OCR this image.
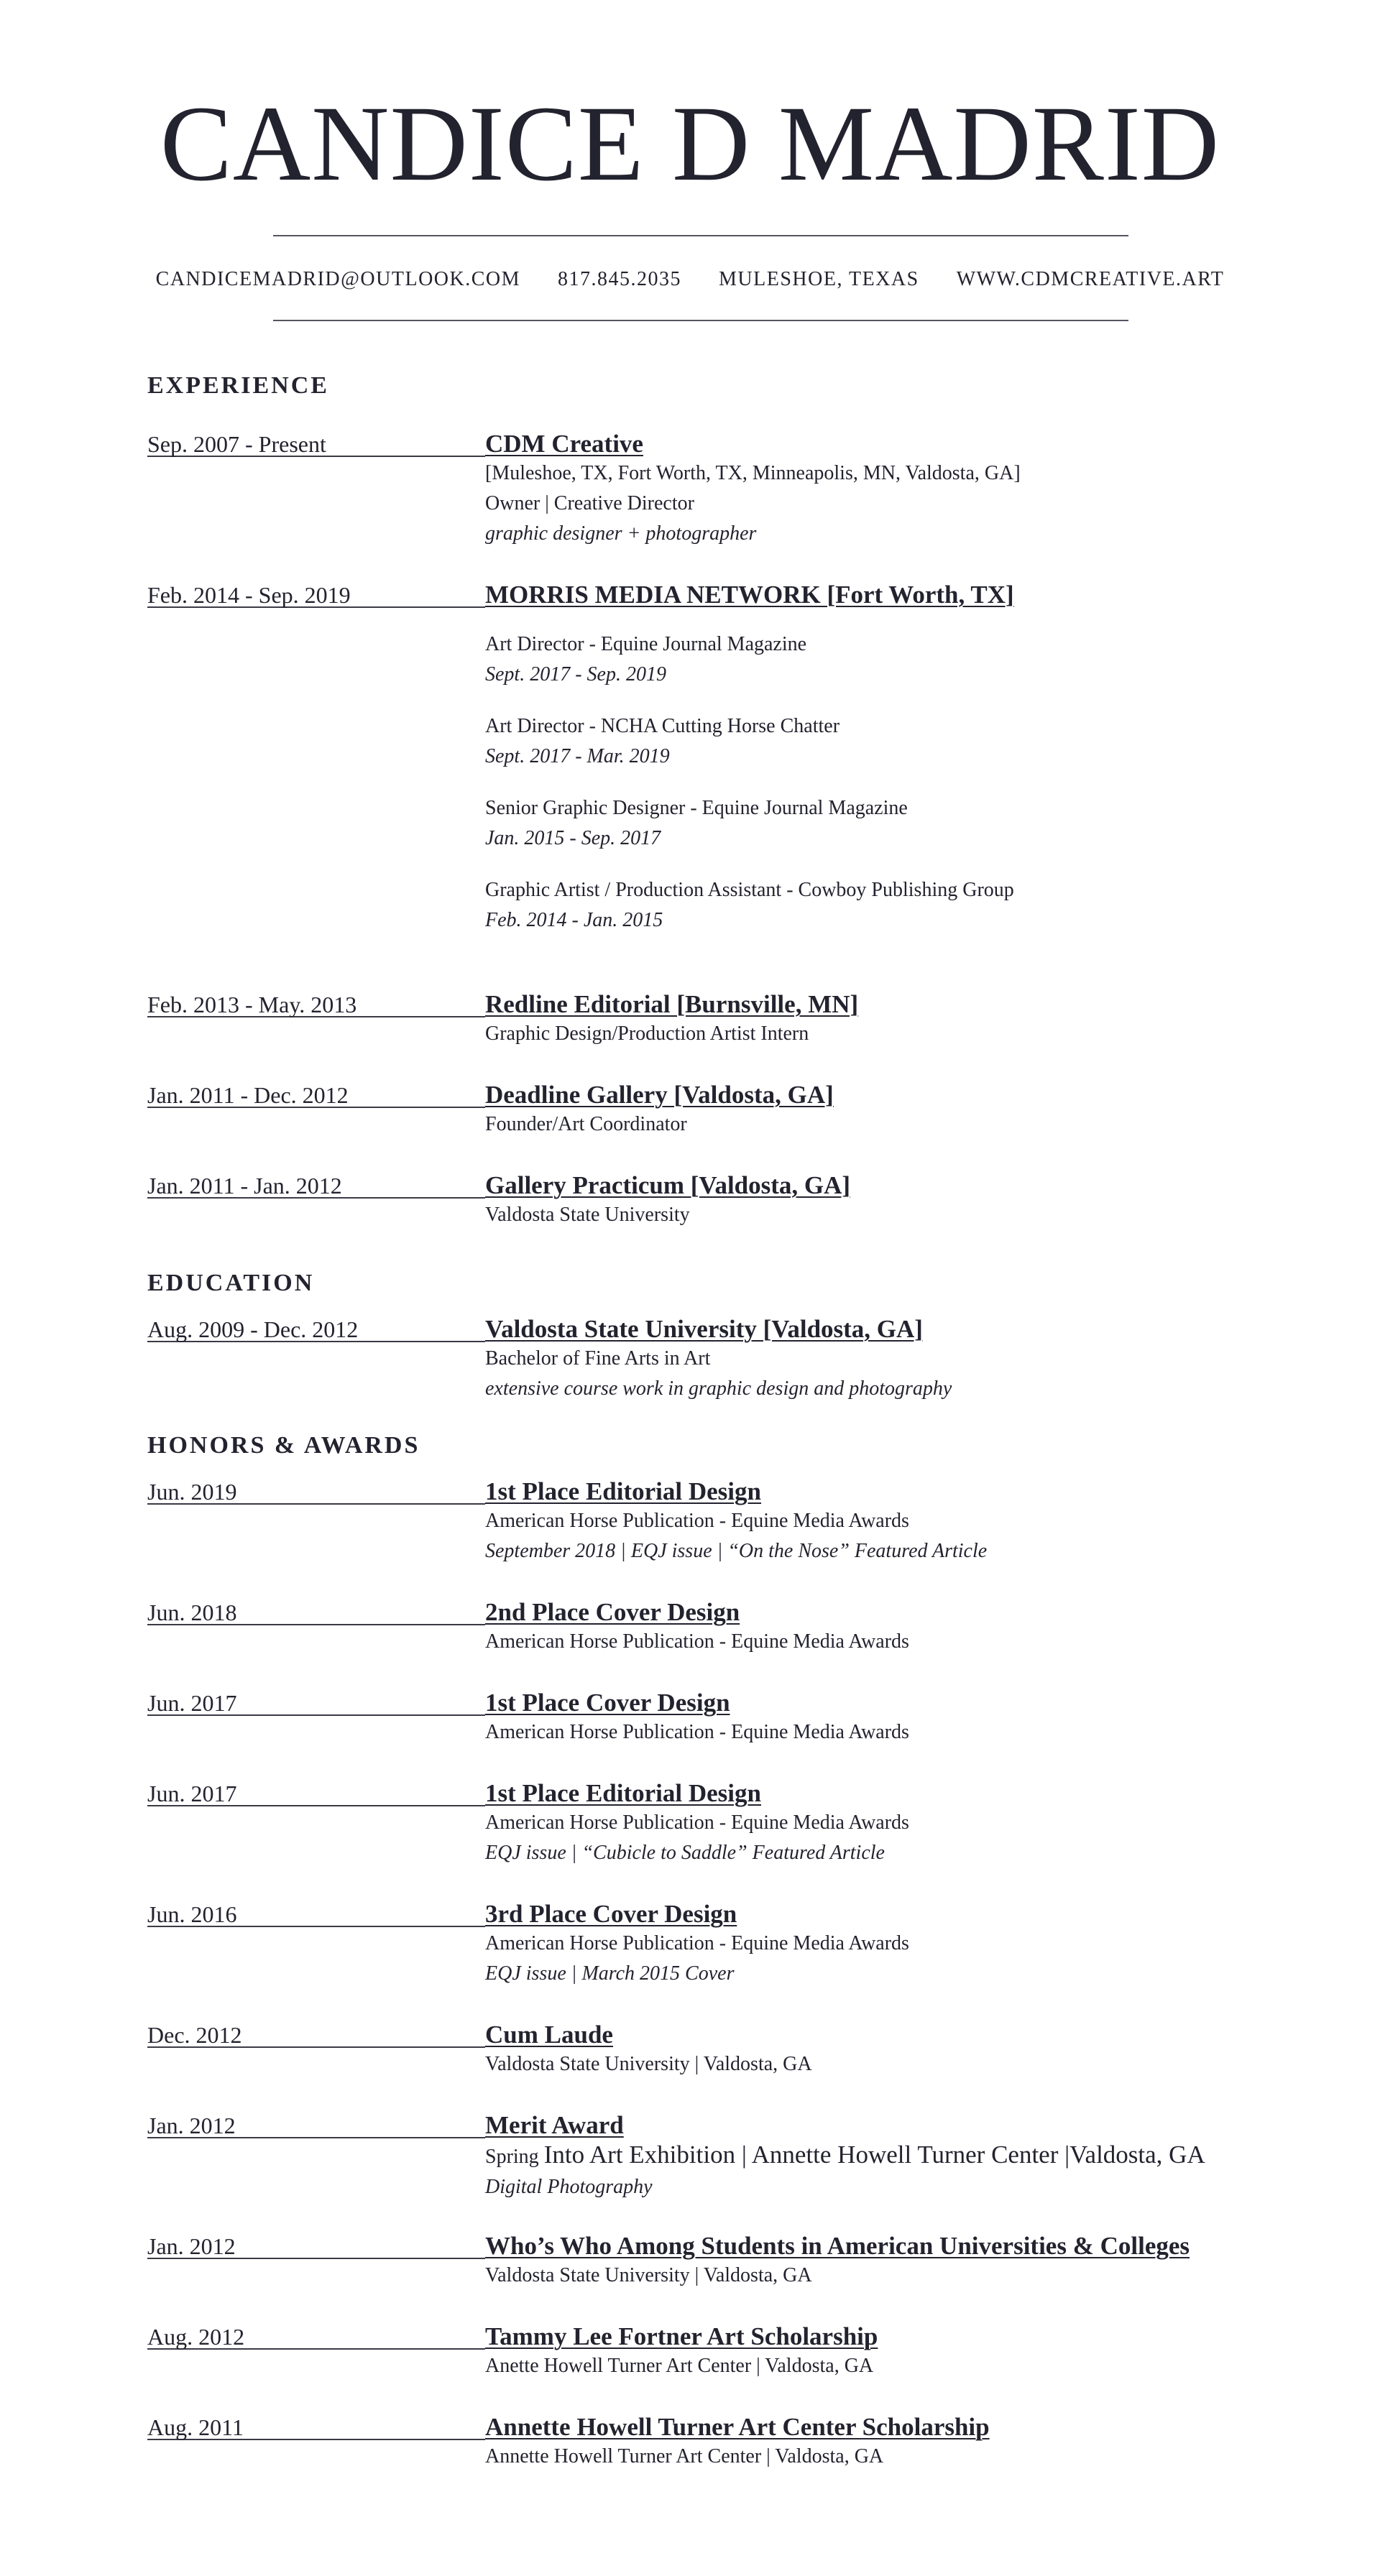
CANDICE D MADRID
CANDICEMADRID@OUTLOOK.COM 817.845.2035 MULESHOE, TEXAS WWW.CDMCREATIVE.ART
EXPERIENCE
Sep. 2007 - Present	CDM Creative
[Muleshoe, TX, Fort Worth, TX, Minneapolis, MN, Valdosta, GA]
Owner | Creative Director
graphic designer + photographer
Feb. 2014 - Sep. 2019	MORRIS MEDIA NETWORK [Fort Worth, TX]
Art Director - Equine Journal Magazine
Sept. 2017 - Sep. 2019
Art Director - NCHA Cutting Horse Chatter
Sept. 2017 - Mar. 2019
Senior Graphic Designer - Equine Journal Magazine
Jan. 2015 - Sep. 2017
Graphic Artist / Production Assistant - Cowboy Publishing Group
Feb. 2014 - Jan. 2015
Feb. 2013 - May. 2013	Redline Editorial [Burnsville, MN]
Graphic Design/Production Artist Intern
Jan. 2011 - Dec. 2012	Deadline Gallery [Valdosta, GA]
Founder/Art Coordinator
Jan. 2011 - Jan. 2012	Gallery Practicum [Valdosta, GA]
Valdosta State University
EDUCATION
Aug. 2009 - Dec. 2012	Valdosta State University [Valdosta, GA]
Bachelor of Fine Arts in Art
extensive course work in graphic design and photography
HONORS & AWARDS
Jun. 2019	1st Place Editorial Design
American Horse Publication - Equine Media Awards
September 2018 | EQJ issue | “On the Nose” Featured Article
Jun. 2018	2nd Place Cover Design
American Horse Publication - Equine Media Awards
Jun. 2017	1st Place Cover Design
American Horse Publication - Equine Media Awards
Jun. 2017	1st Place Editorial Design
American Horse Publication - Equine Media Awards
EQJ issue | “Cubicle to Saddle” Featured Article
Jun. 2016	3rd Place Cover Design
American Horse Publication - Equine Media Awards
EQJ issue | March 2015 Cover
Dec. 2012	Cum Laude
Valdosta State University | Valdosta, GA
Jan. 2012	Merit Award
Spring Into Art Exhibition | Annette Howell Turner Center |Valdosta, GA
Digital Photography
Jan. 2012	Who’s Who Among Students in American Universities & Colleges
Valdosta State University | Valdosta, GA
Aug. 2012	Tammy Lee Fortner Art Scholarship
Anette Howell Turner Art Center | Valdosta, GA
Aug. 2011	Annette Howell Turner Art Center Scholarship
Annette Howell Turner Art Center | Valdosta, GA
